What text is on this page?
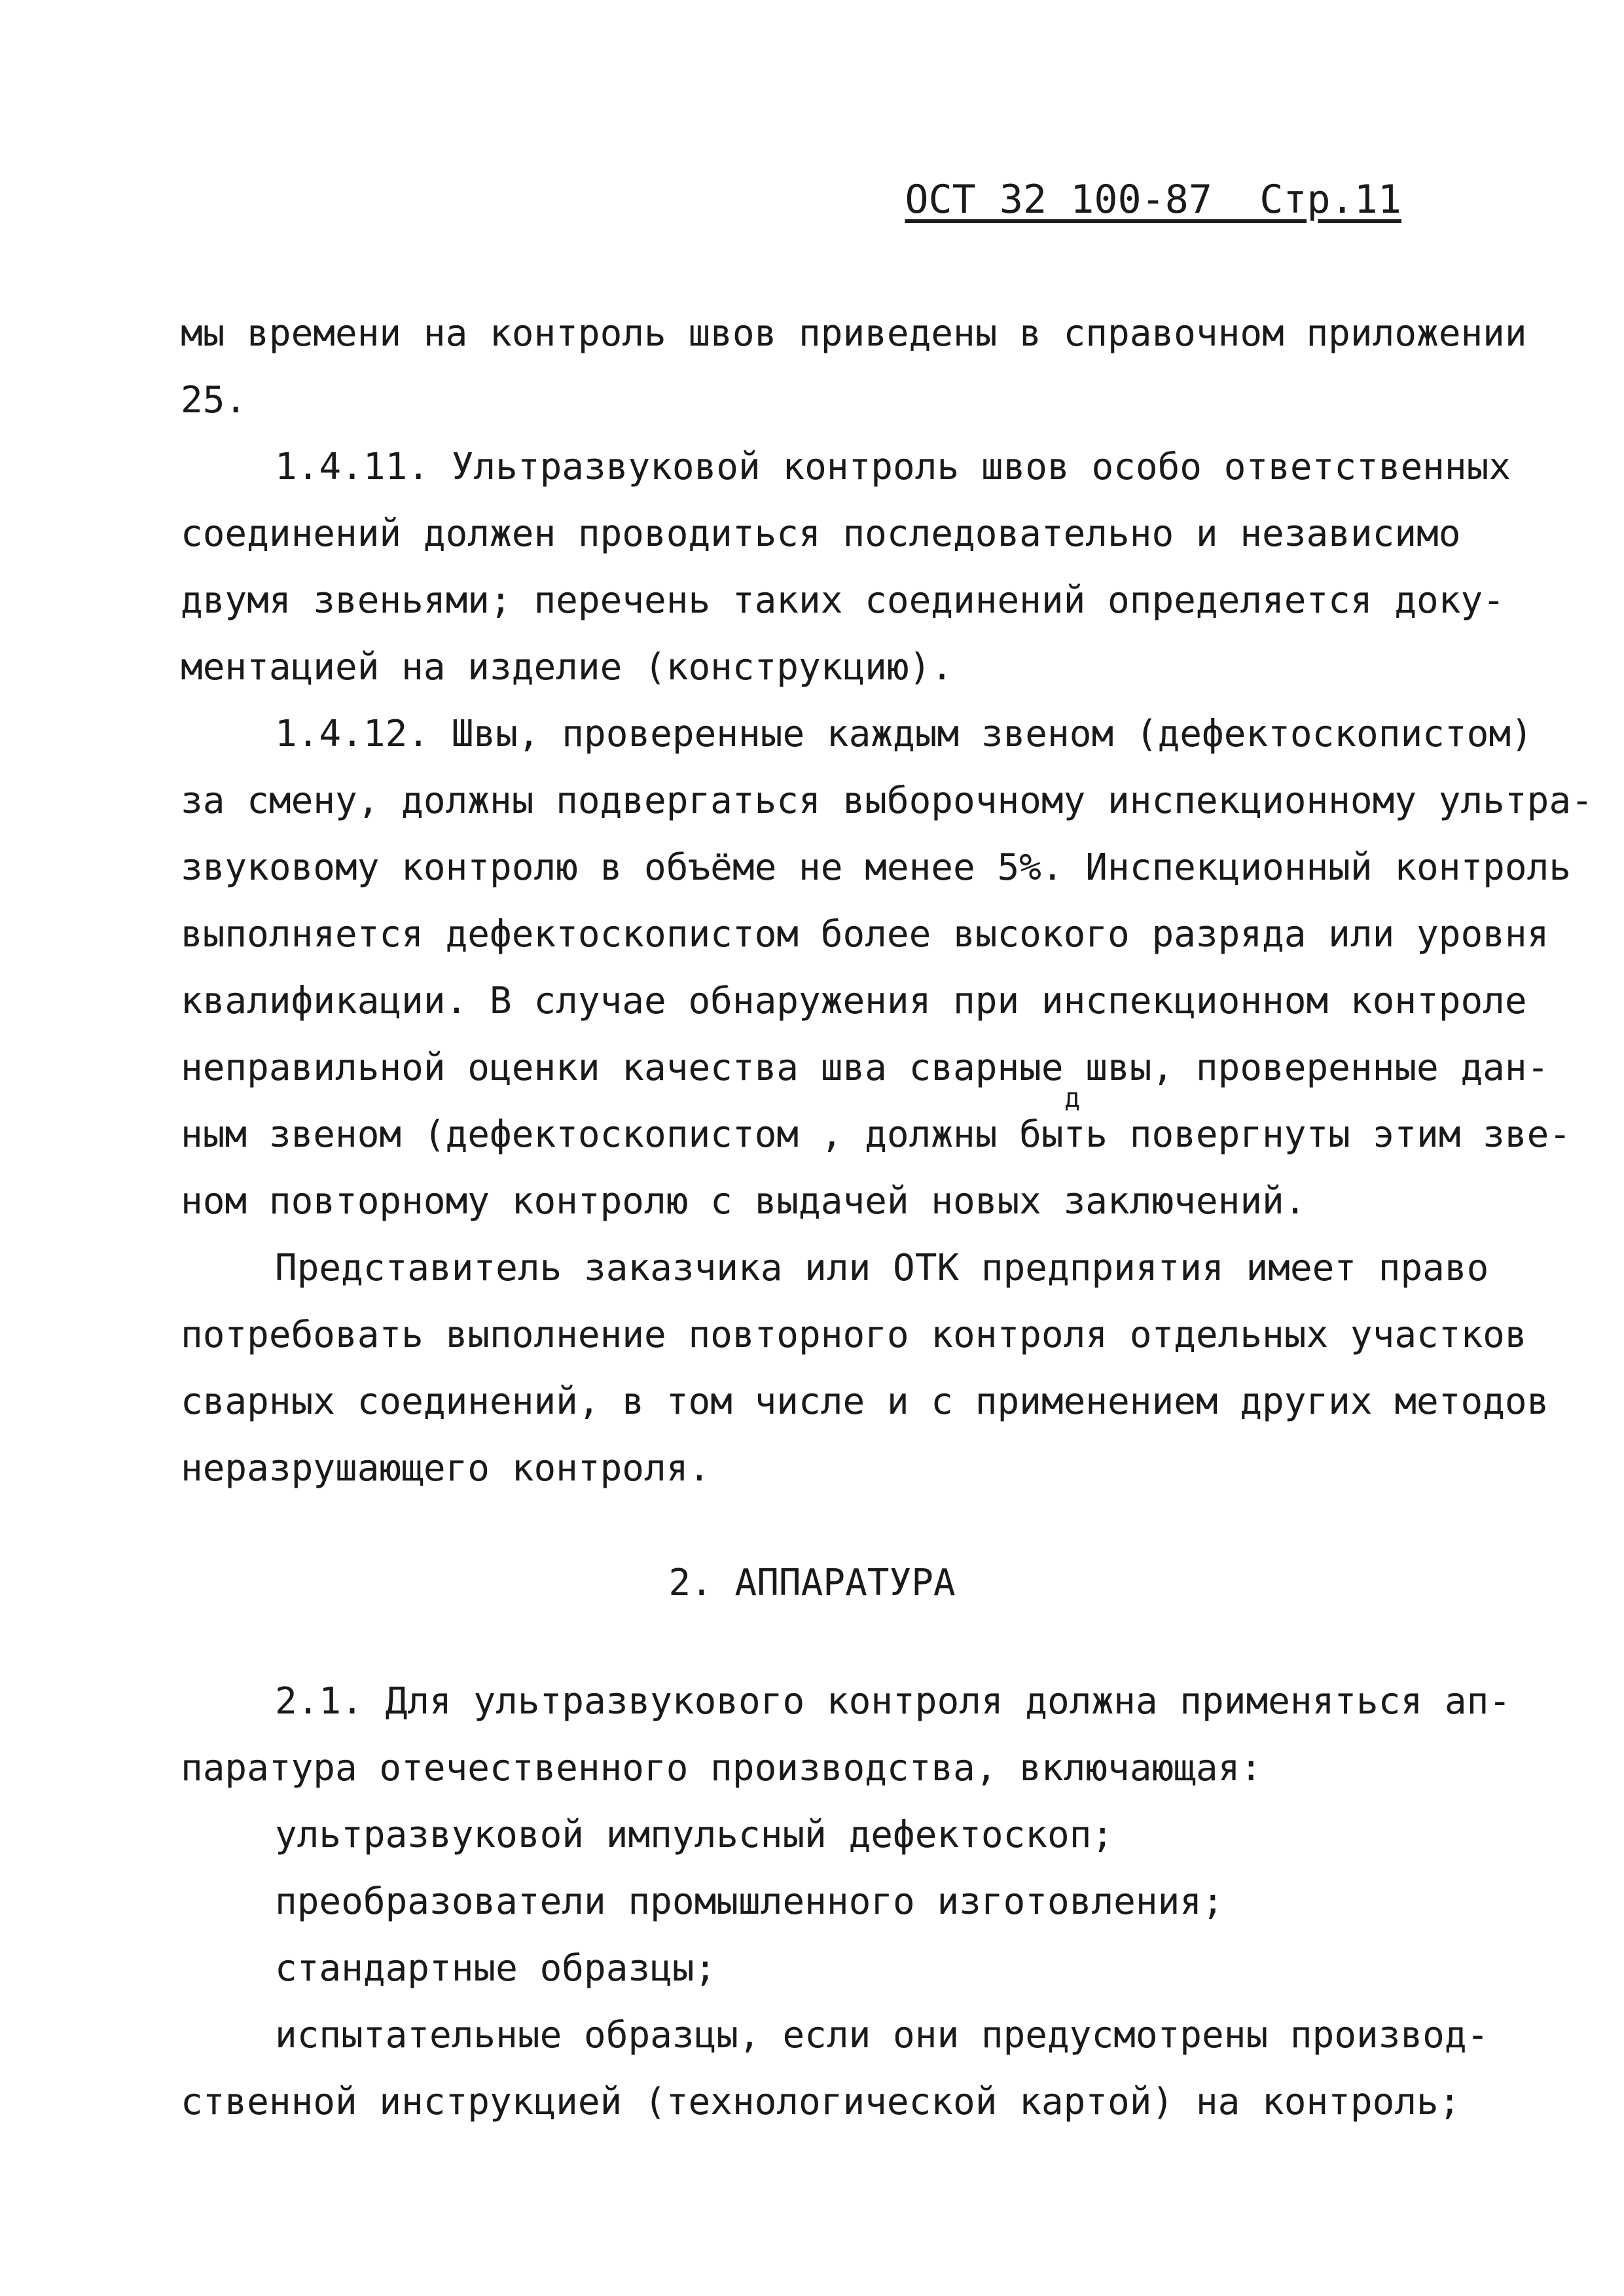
ОСТ 32 100-87  Стр.11
мы времени на контроль швов приведены в справочном приложении
25.
1.4.11. Ультразвуковой контроль швов особо ответственных
соединений должен проводиться последовательно и независимо
двумя звеньями; перечень таких соединений определяется доку-
ментацией на изделие (конструкцию).
1.4.12. Швы, проверенные каждым звеном (дефектоскопистом)
за смену, должны подвергаться выборочному инспекционному ультра-
звуковому контролю в объёме не менее 5%. Инспекционный контроль
выполняется дефектоскопистом более высокого разряда или уровня
квалификации. В случае обнаружения при инспекционном контроле
неправильной оценки качества шва сварные швы, проверенные дан-
д
ным звеном (дефектоскопистом , должны быть повергнуты этим зве-
ном повторному контролю с выдачей новых заключений.
Представитель заказчика или ОТК предприятия имеет право
потребовать выполнение повторного контроля отдельных участков
сварных соединений, в том числе и с применением других методов
неразрушающего контроля.
2. АППАРАТУРА
2.1. Для ультразвукового контроля должна применяться ап-
паратура отечественного производства, включающая:
ультразвуковой импульсный дефектоскоп;
преобразователи промышленного изготовления;
стандартные образцы;
испытательные образцы, если они предусмотрены производ-
ственной инструкцией (технологической картой) на контроль;
